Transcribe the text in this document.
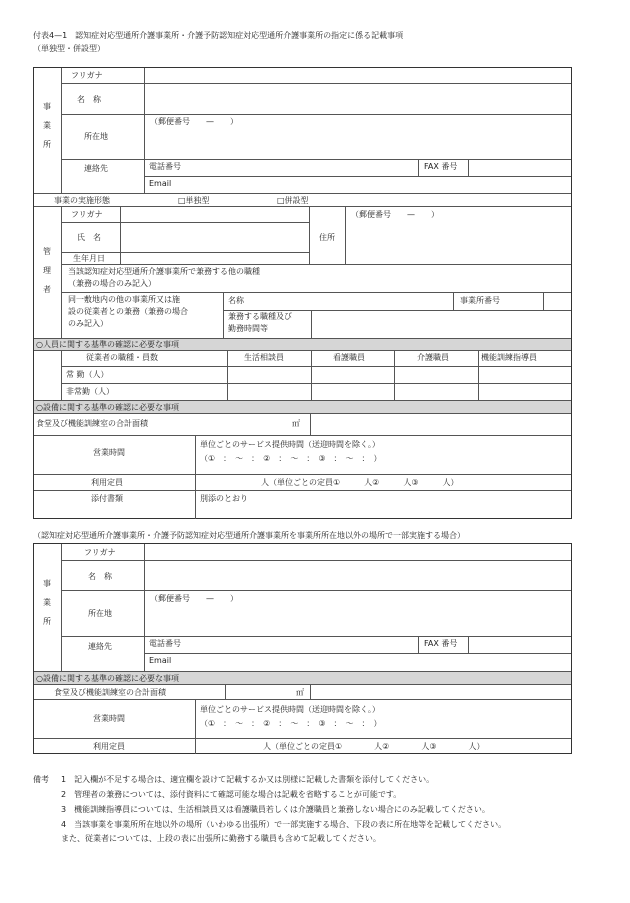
付表4—1　認知症対応型通所介護事業所・介護予防認知症対応型通所介護事業所の指定に係る記載事項
（単独型・併設型）
事業所
フリガナ
名　称
所在地
（郵便番号　　—　　）
連絡先	電話番号	FAX 番号
Email
事業の実施形態	□単独型	□併設型
管理者
フリガナ
氏　名
生年月日
住所
（郵便番号　　—　　）
当該認知症対応型通所介護事業所で兼務する他の職種
（兼務の場合のみ記入）
同一敷地内の他の事業所又は施
設の従業者との兼務（兼務の場合
のみ記入）
名称	事業所番号
兼務する職種及び
勤務時間等
○人員に関する基準の確認に必要な事項
従業者の職種・員数	生活相談員	看護職員	介護職員	機能訓練指導員
常 勤（人）
非常勤（人）
○設備に関する基準の確認に必要な事項
食堂及び機能訓練室の合計面積	㎡
営業時間
単位ごとのサービス提供時間（送迎時間を除く。）
（①　：　～　：　②　：　～　：　③　：　～　：　）
利用定員	人（単位ごとの定員①　　　人②　　　人③　　　人）
添付書類	別添のとおり
（認知症対応型通所介護事業所・介護予防認知症対応型通所介護事業所を事業所所在地以外の場所で一部実施する場合）
事業所
フリガナ
名　称
所在地
（郵便番号　　—　　）
連絡先	電話番号	FAX 番号
Email
○設備に関する基準の確認に必要な事項
食堂及び機能訓練室の合計面積	㎡
営業時間
単位ごとのサービス提供時間（送迎時間を除く。）
（①　：　～　：　②　：　～　：　③　：　～　：　）
利用定員	人（単位ごとの定員①　　　　人②　　　　人③　　　　人）
備考 1　記入欄が不足する場合は、適宜欄を設けて記載するか又は別様に記載した書類を添付してください。
2　管理者の兼務については、添付資料にて確認可能な場合は記載を省略することが可能です。
3　機能訓練指導員については、生活相談員又は看護職員若しくは介護職員と兼務しない場合にのみ記載してください。
4　当該事業を事業所所在地以外の場所（いわゆる出張所）で一部実施する場合、下段の表に所在地等を記載してください。
また、従業者については、上段の表に出張所に勤務する職員も含めて記載してください。
